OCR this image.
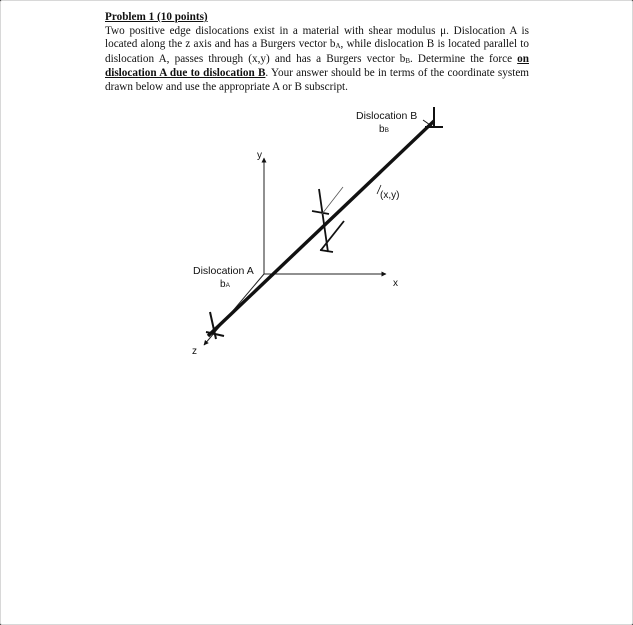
Problem 1 (10 points)
Two positive edge dislocations exist in a material with shear modulus μ. Dislocation A is located along the z axis and has a Burgers vector $b_A$, while dislocation B is located parallel to dislocation A, passes through (x,y) and has a Burgers vector $b_B$. Determine the force on dislocation A due to dislocation B. Your answer should be in terms of the coordinate system drawn below and use the appropriate A or B subscript.
y
x
z
Dislocation A
bA
Dislocation B
bB
(x,y)
